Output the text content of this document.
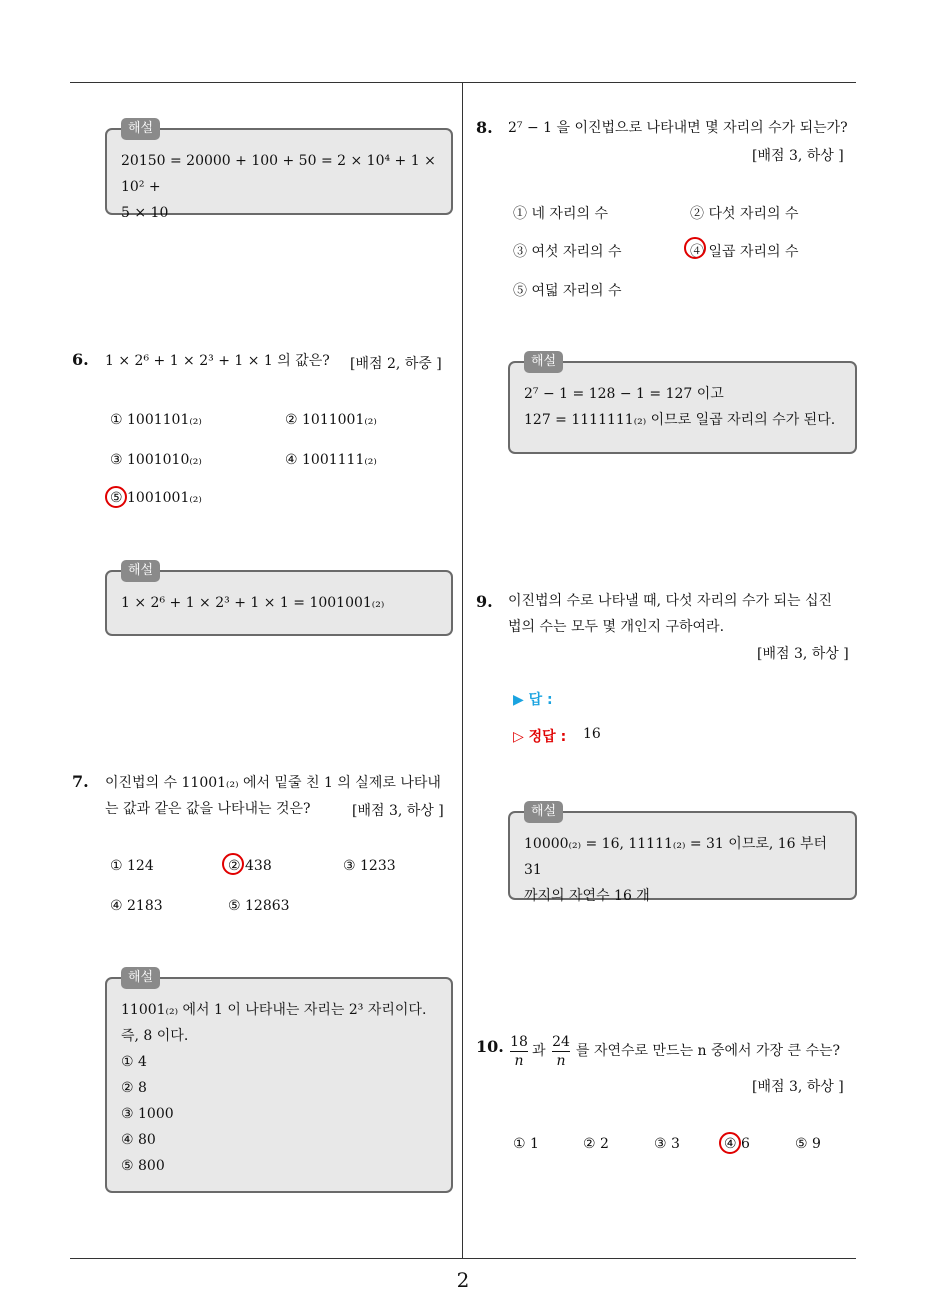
해설
20150 = 20000 + 100 + 50 = 2 × 10⁴ + 1 × 10² +
5 × 10
6. 1 × 2⁶ + 1 × 2³ + 1 × 1 의 값은? [배점 2, 하중 ]
① 1001101₍₂₎	② 1011001₍₂₎
③ 1001010₍₂₎	④ 1001111₍₂₎
⑤ 1001001₍₂₎
해설
1 × 2⁶ + 1 × 2³ + 1 × 1 = 1001001₍₂₎
7. 이진법의 수 11001₍₂₎ 에서 밑줄 친 1 의 실제로 나타내
는 값과 같은 값을 나타내는 것은?	[배점 3, 하상 ]
① 124	② 438	③ 1233
④ 2183	⑤ 12863
해설
11001₍₂₎ 에서 1 이 나타내는 자리는 2³ 자리이다.
즉, 8 이다.
① 4
② 8
③ 1000
④ 80
⑤ 800
8. 2⁷ − 1 을 이진법으로 나타내면 몇 자리의 수가 되는가?
[배점 3, 하상 ]
① 네 자리의 수	② 다섯 자리의 수
③ 여섯 자리의 수	④ 일곱 자리의 수
⑤ 여덟 자리의 수
해설
2⁷ − 1 = 128 − 1 = 127 이고
127 = 1111111₍₂₎ 이므로 일곱 자리의 수가 된다.
9. 이진법의 수로 나타낼 때, 다섯 자리의 수가 되는 십진
법의 수는 모두 몇 개인지 구하여라.
[배점 3, 하상 ]
▶ 답 :
▷ 정답 : 16
해설
10000₍₂₎ = 16, 11111₍₂₎ = 31 이므로, 16 부터 31
까지의 자연수 16 개
10. $\frac{18}{n}$ 과 $\frac{24}{n}$ 를 자연수로 만드는 n 중에서 가장 큰 수는?
[배점 3, 하상 ]
① 1	② 2	③ 3	④ 6	⑤ 9
2
